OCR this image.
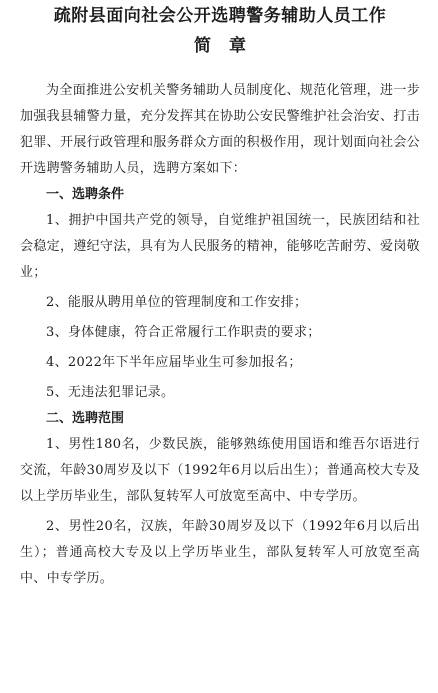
疏附县面向社会公开选聘警务辅助人员工作
简章

为全面推进公安机关警务辅助人员制度化、规范化管理，进一步加强我县辅警力量，充分发挥其在协助公安民警维护社会治安、打击犯罪、开展行政管理和服务群众方面的积极作用，现计划面向社会公开选聘警务辅助人员，选聘方案如下：

一、选聘条件

1、拥护中国共产党的领导，自觉维护祖国统一，民族团结和社会稳定，遵纪守法，具有为人民服务的精神，能够吃苦耐劳、爱岗敬业；

2、能服从聘用单位的管理制度和工作安排；

3、身体健康，符合正常履行工作职责的要求；

4、2022年下半年应届毕业生可参加报名；

5、无违法犯罪记录。

二、选聘范围

1、男性180名，少数民族，能够熟练使用国语和维吾尔语进行交流，年龄30周岁及以下（1992年6月以后出生）；普通高校大专及以上学历毕业生，部队复转军人可放宽至高中、中专学历。

2、男性20名，汉族，年龄30周岁及以下（1992年6月以后出生）；普通高校大专及以上学历毕业生，部队复转军人可放宽至高中、中专学历。
